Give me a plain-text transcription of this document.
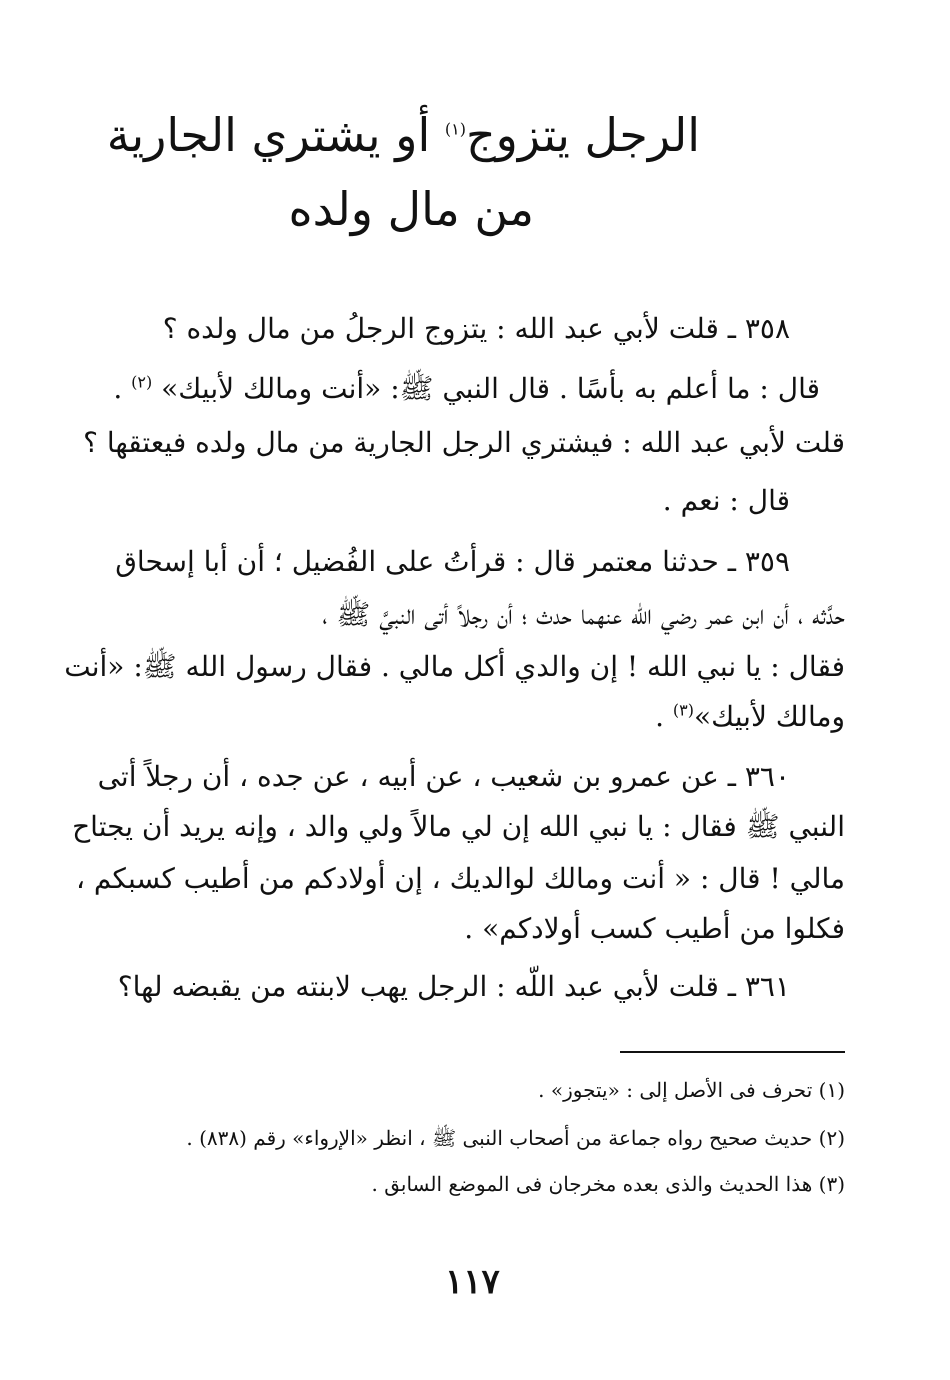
الرجل يتزوج$^{(١)}$ أو يشتري الجارية
من مال ولده
٣٥٨ ـ قلت لأبي عبد الله : يتزوج الرجلُ من مال ولده ؟
قال : ما أعلم به بأسًا . قال النبي ﷺ: «أنت ومالك لأبيك» $^{(٢)}$ .
قلت لأبي عبد الله : فيشتري الرجل الجارية من مال ولده فيعتقها ؟
قال : نعم .
٣٥٩ ـ حدثنا معتمر قال : قرأتُ على الفُضيل ؛ أن أبا إسحاق
حدَّثه ، أن ابن عمر رضي الله عنهما حدث ؛ أن رجلاً أتى النبيَّ ﷺ ،
فقال : يا نبي الله ! إن والدي أكل مالي . فقال رسول الله ﷺ: «أنت
ومالك لأبيك»$^{(٣)}$ .
٣٦٠ ـ عن عمرو بن شعيب ، عن أبيه ، عن جده ، أن رجلاً أتى
النبي ﷺ فقال : يا نبي الله إن لي مالاً ولي والد ، وإنه يريد أن يجتاح
مالي ! قال : « أنت ومالك لوالديك ، إن أولادكم من أطيب كسبكم ،
فكلوا من أطيب كسب أولادكم» .
٣٦١ ـ قلت لأبي عبد اللّه : الرجل يهب لابنته من يقبضه لها؟
(١) تحرف فى الأصل إلى : «يتجوز» .
(٢) حديث صحيح رواه جماعة من أصحاب النبى ﷺ ، انظر «الإرواء» رقم (٨٣٨) .
(٣) هذا الحديث والذى بعده مخرجان فى الموضع السابق .
١١٧
